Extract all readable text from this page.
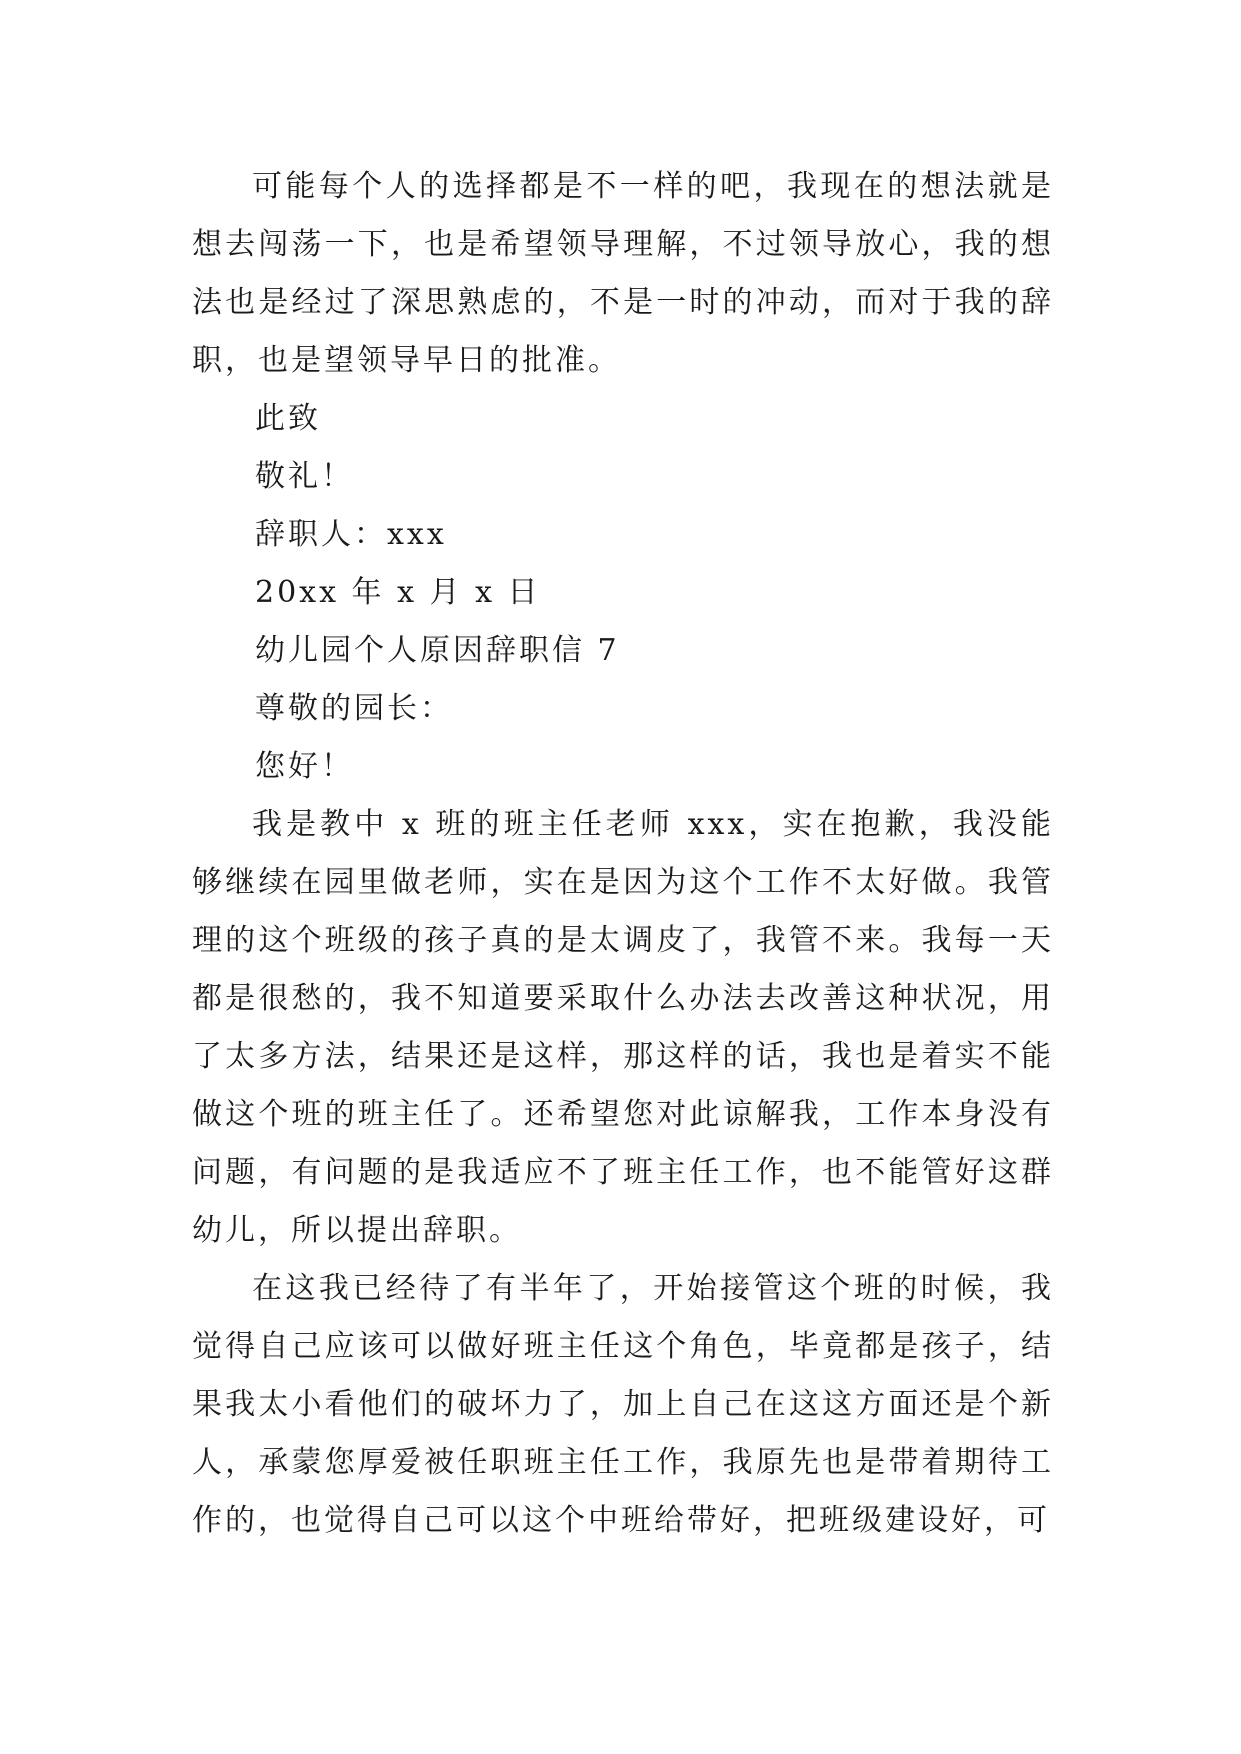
可能每个人的选择都是不一样的吧，我现在的想法就是想去闯荡一下，也是希望领导理解，不过领导放心，我的想法也是经过了深思熟虑的，不是一时的冲动，而对于我的辞职，也是望领导早日的批准。

此致

敬礼！

辞职人：xxx

20xx 年 x 月 x 日

幼儿园个人原因辞职信 7

尊敬的园长：

您好！

我是教中 x 班的班主任老师 xxx，实在抱歉，我没能够继续在园里做老师，实在是因为这个工作不太好做。我管理的这个班级的孩子真的是太调皮了，我管不来。我每一天都是很愁的，我不知道要采取什么办法去改善这种状况，用了太多方法，结果还是这样，那这样的话，我也是着实不能做这个班的班主任了。还希望您对此谅解我，工作本身没有问题，有问题的是我适应不了班主任工作，也不能管好这群幼儿，所以提出辞职。

在这我已经待了有半年了，开始接管这个班的时候，我觉得自己应该可以做好班主任这个角色，毕竟都是孩子，结果我太小看他们的破坏力了，加上自己在这这方面还是个新人，承蒙您厚爱被任职班主任工作，我原先也是带着期待工作的，也觉得自己可以这个中班给带好，把班级建设好，可
